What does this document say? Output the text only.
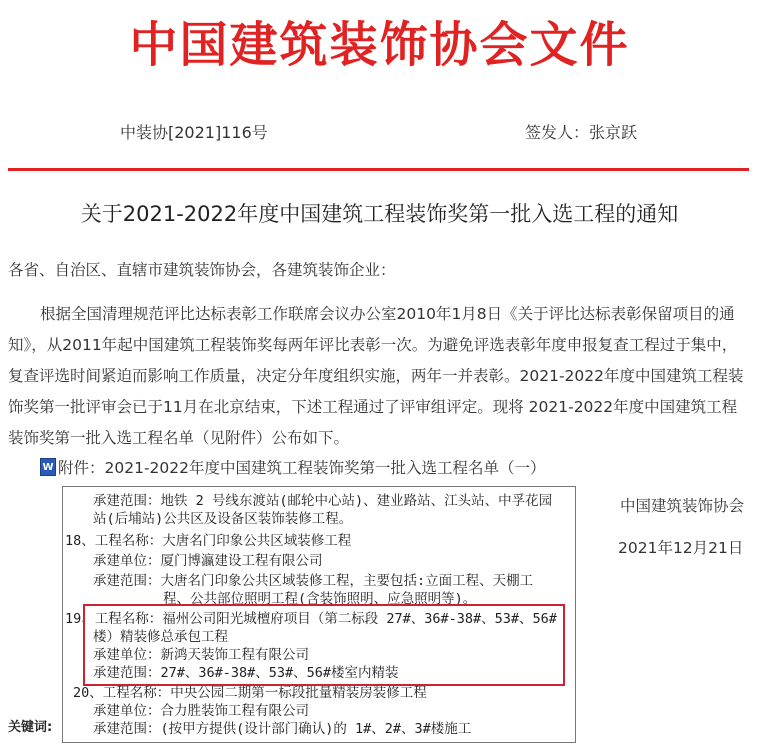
中国建筑装饰协会文件
中装协[2021]116号	签发人：张京跃
关于2021-2022年度中国建筑工程装饰奖第一批入选工程的通知
各省、自治区、直辖市建筑装饰协会，各建筑装饰企业：
根据全国清理规范评比达标表彰工作联席会议办公室2010年1月8日《关于评比达标表彰保留项目的通知》，从2011年起中国建筑工程装饰奖每两年评比表彰一次。为避免评选表彰年度申报复查工程过于集中，复查评选时间紧迫而影响工作质量，决定分年度组织实施，两年一并表彰。2021-2022年度中国建筑工程装饰奖第一批评审会已于11月在北京结束，下述工程通过了评审组评定。现将 2021-2022年度中国建筑工程装饰奖第一批入选工程名单（见附件）公布如下。
W 附件：2021-2022年度中国建筑工程装饰奖第一批入选工程名单（一）
承建范围：地铁 2 号线东渡站(邮轮中心站)、建业路站、江头站、中孚花园
站(后埔站)公共区及设备区装饰装修工程。
18、工程名称：大唐名门印象公共区域装修工程
承建单位：厦门博瀛建设工程有限公司
承建范围：大唐名门印象公共区域装修工程，主要包括:立面工程、天棚工
程、公共部位照明工程(含装饰照明、应急照明等)。
19、工程名称：福州公司阳光城檀府项目（第二标段 27#、36#-38#、53#、56#
楼）精装修总承包工程
承建单位：新鸿天装饰工程有限公司
承建范围：27#、36#-38#、53#、56#楼室内精装
20、工程名称：中央公园二期第一标段批量精装房装修工程
承建单位：合力胜装饰工程有限公司
承建范围：(按甲方提供(设计部门确认)的 1#、2#、3#楼施工
中国建筑装饰协会
2021年12月21日
关键词:
